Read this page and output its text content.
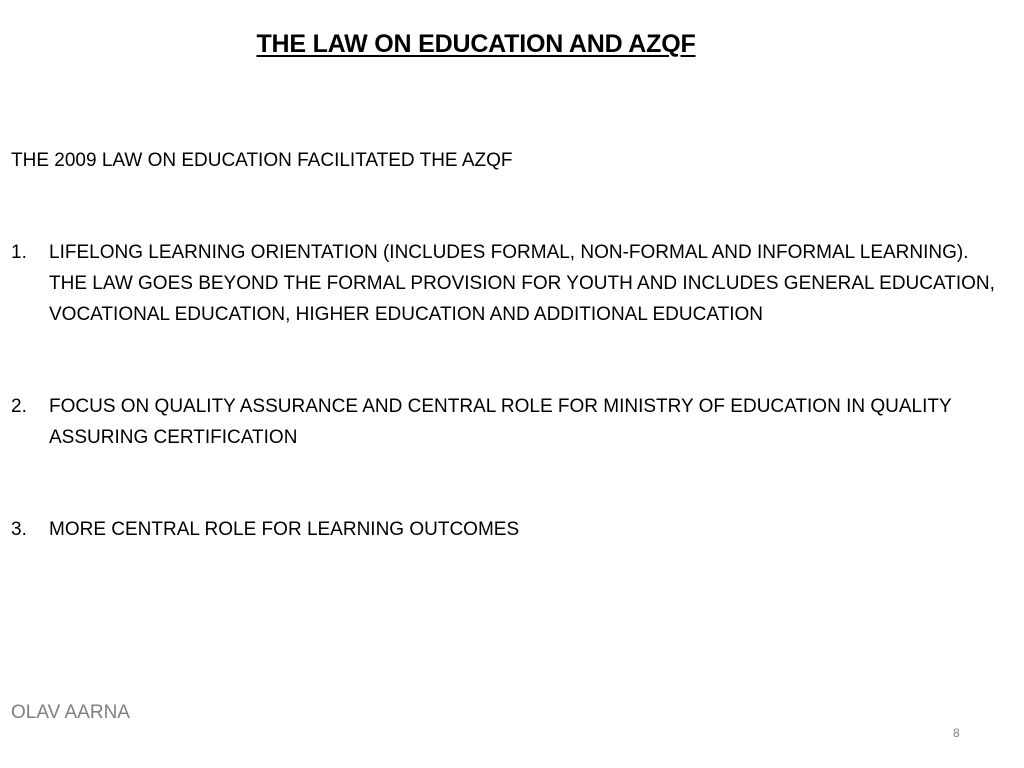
THE LAW ON EDUCATION AND AZQF
THE 2009 LAW ON EDUCATION FACILITATED THE AZQF
1.	LIFELONG LEARNING ORIENTATION (INCLUDES FORMAL, NON-FORMAL AND INFORMAL LEARNING). THE LAW GOES BEYOND THE FORMAL PROVISION FOR YOUTH AND INCLUDES GENERAL EDUCATION, VOCATIONAL EDUCATION, HIGHER EDUCATION AND ADDITIONAL EDUCATION
2.	FOCUS ON QUALITY ASSURANCE AND CENTRAL ROLE FOR MINISTRY OF EDUCATION IN QUALITY ASSURING CERTIFICATION
3.	MORE CENTRAL ROLE FOR LEARNING OUTCOMES
OLAV AARNA
8
